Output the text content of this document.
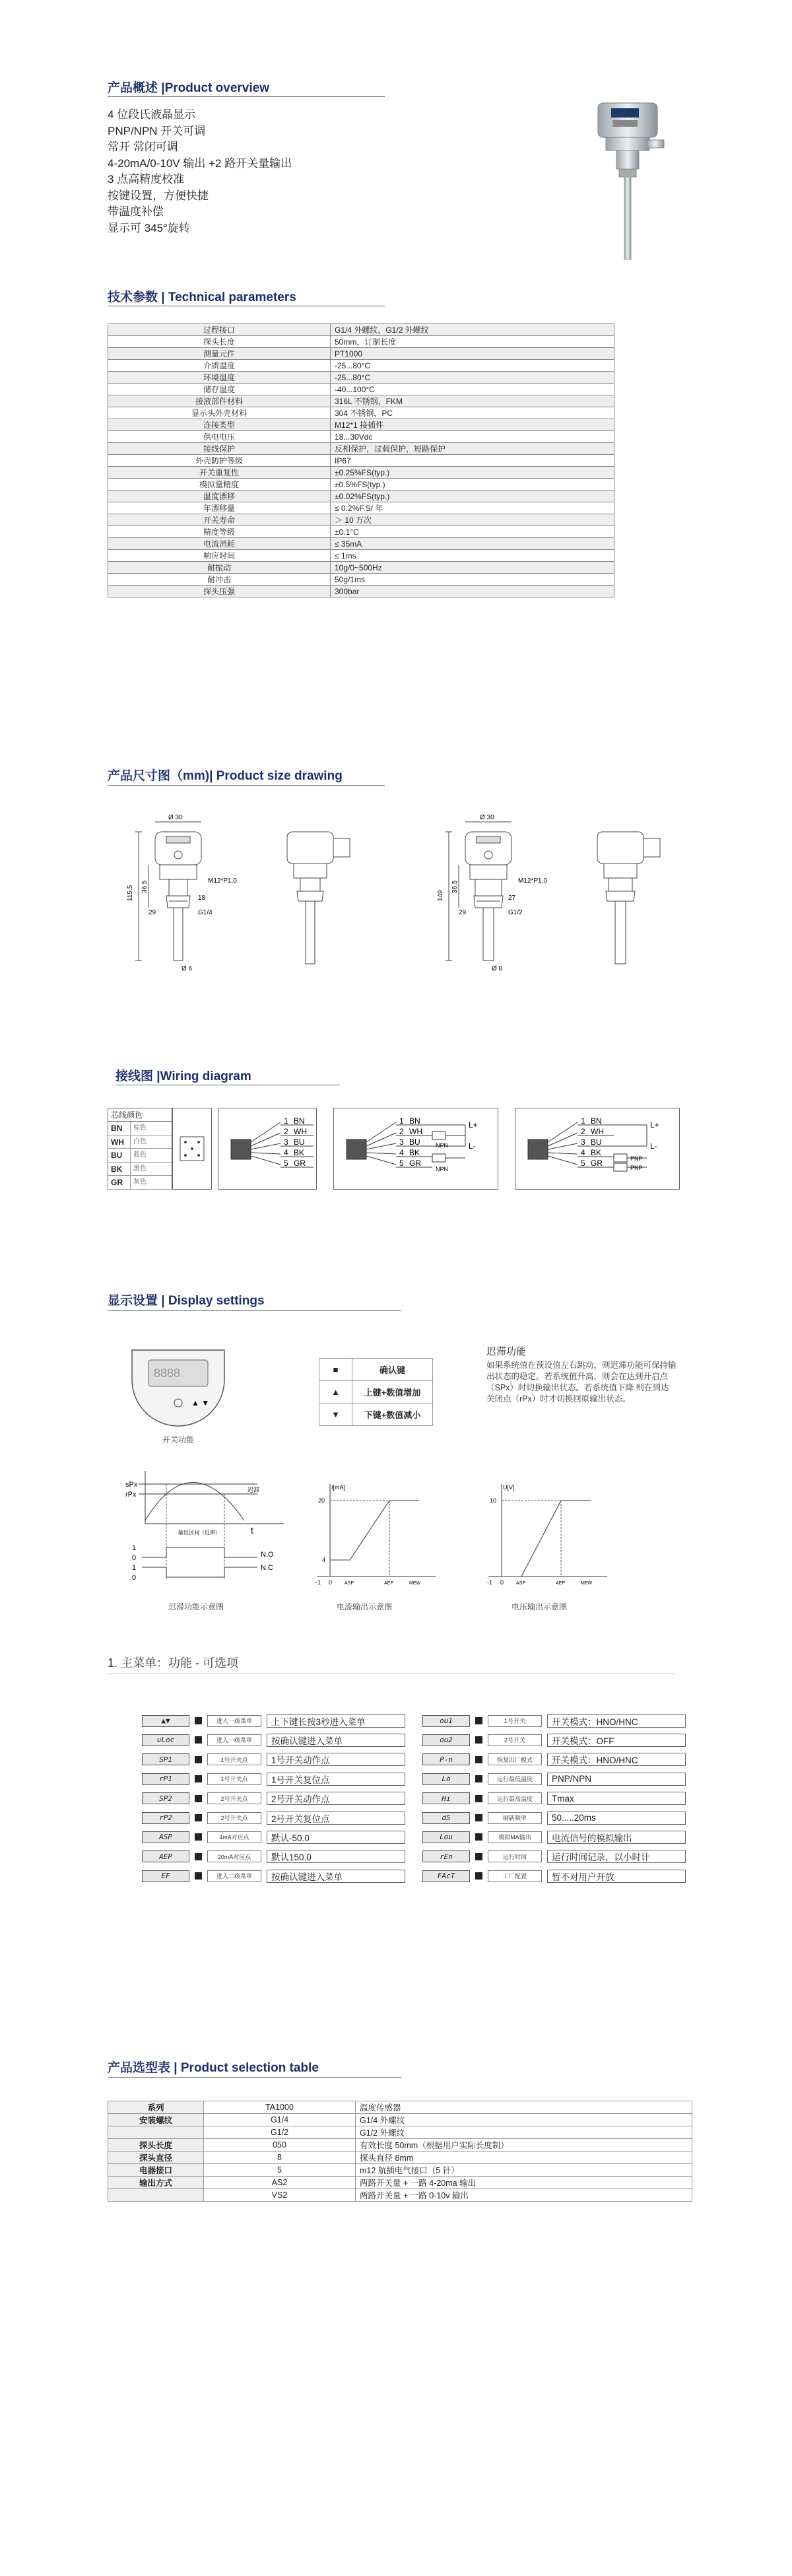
产品概述 |Product overview
4 位段氏液晶显示
PNP/NPN 开关可调
常开 常闭可调
4-20mA/0-10V 输出 +2 路开关量输出
3 点高精度校准
按键设置，方便快捷
带温度补偿
显示可 345°旋转
技术参数 | Technical parameters
过程接口	G1/4 外螺纹，G1/2 外螺纹
探头长度	50mm，订制长度
测量元件	PT1000
介质温度	-25...80°C
环境温度	-25...80°C
储存温度	-40...100°C
接液部件材料	316L 不锈钢，FKM
显示头外壳材料	304 不锈钢，PC
连接类型	M12*1 接插件
供电电压	18...30Vdc
接线保护	反相保护，过载保护，短路保护
外壳防护等级	IP67
开关重复性	±0.25%FS(typ.)
模拟量精度	±0.5%FS(typ.)
温度漂移	±0.02%FS(typ.)
年漂移量	≤ 0.2%F.S/ 年
开关寿命	＞ 10 万次
精度等级	±0.1°C
电流消耗	≤ 35mA
响应时间	≤ 1ms
耐振动	10g/0~500Hz
耐冲击	50g/1ms
探头压强	300bar
产品尺寸图（mm)| Product size drawing
Ø 30
M12*P1.0
18
G1/4
Ø 6
115.5 36.5
29
Ø 30
M12*P1.0
27
G1/2
Ø 8
149
36.5
29
接线图 |Wiring diagram
芯线颜色
BN	棕色
WH	白色
BU	蓝色
BK	黑色
GR	灰色
1
2
3
4
5
BN
WH
BU
BK
GR
1
2
3
4
5
BN
WH
BU
BK
GR
L+
L-
NPN
NPN
1
2
3
4
5
BN
WH
BU
BK
GR
L+
L-
PNP
PNP
显示设置 | Display settings
8888
▲ ▼
开关功能
■	确认键
▲	上键+数值增加
▼	下键+数值减小
迟滞功能
如果系统值在预设值左右跳动，则迟滞功能可保持输出状态的稳定。若系统值升高，则会在达到开启点（SPx）时切换输出状态。若系统值下降 则在到达 关闭点（rPx）时才切换回原输出状态。
sPx
rPx
迟滞
t
输出区间（迟滞）
1
0
1
0
N.O
N.C
迟滞功能示意图
I[mA]
20
4
-1 0	ASP	AEP	MEW
电流输出示意图
U[V]
10
-1 0	ASP	AEP	MEW
电压输出示意图
1. 主菜单：功能 - 可选项
▲▼	进入一级菜单	上下键长按3秒进入菜单
uLoc	进入一级菜单	按确认键进入菜单
SP1	1号开关点	1号开关动作点
rP1	1号开关点	1号开关复位点
SP2	2号开关点	2号开关动作点
rP2	2号开关点	2号开关复位点
ASP	4mA对应点	默认-50.0
AEP	20mA对应点	默认150.0
EF	进入二级菜单	按确认键进入菜单
ou1	1号开关	开关模式：HNO/HNC
ou2	2号开关	开关模式：OFF
P-n	恢复出厂模式	开关模式：HNO/HNC
Lo	运行最低温度	PNP/NPN
Hi	运行最高温度	Tmax
dS	刷新频率	50.....20ms
Lou	模拟MA输出	电流信号的模拟输出
rEn	运行时间	运行时间记录，以小时计
FAcT	工厂配置	暂不对用户开放
产品选型表 | Product selection table
系列	TA1000	温度传感器
安装螺纹	G1/4	G1/4 外螺纹
	G1/2	G1/2 外螺纹
探头长度	050	有效长度 50mm（根据用户实际长度制）
探头直径	8	探头直径 8mm
电器接口	5	m12 航插电气接口（5 针）
输出方式	AS2	两路开关量 + 一路 4-20ma 输出
	VS2	两路开关量 + 一路 0-10v 输出
